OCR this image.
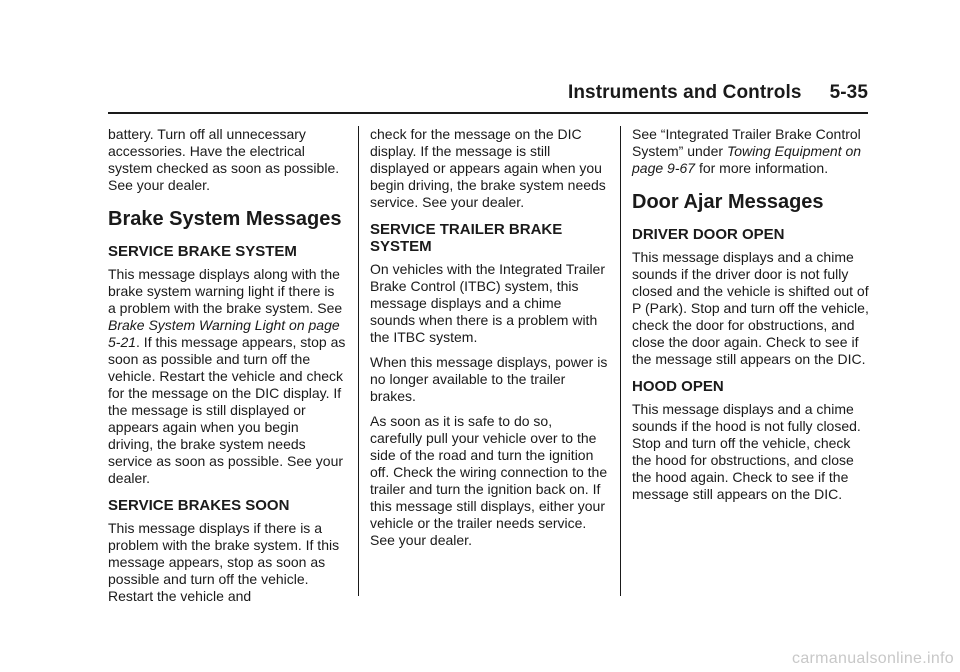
Instruments and Controls 5-35

battery. Turn off all unnecessary accessories. Have the electrical system checked as soon as possible. See your dealer.

Brake System Messages
SERVICE BRAKE SYSTEM

This message displays along with the brake system warning light if there is a problem with the brake system. See Brake System Warning Light on page 5-21. If this message appears, stop as soon as possible and turn off the vehicle. Restart the vehicle and check for the message on the DIC display. If the message is still displayed or appears again when you begin driving, the brake system needs service as soon as possible. See your dealer.

SERVICE BRAKES SOON

This message displays if there is a problem with the brake system. If this message appears, stop as soon as possible and turn off the vehicle. Restart the vehicle and

check for the message on the DIC display. If the message is still displayed or appears again when you begin driving, the brake system needs service. See your dealer.

SERVICE TRAILER BRAKE SYSTEM

On vehicles with the Integrated Trailer Brake Control (ITBC) system, this message displays and a chime sounds when there is a problem with the ITBC system.

When this message displays, power is no longer available to the trailer brakes.

As soon as it is safe to do so, carefully pull your vehicle over to the side of the road and turn the ignition off. Check the wiring connection to the trailer and turn the ignition back on. If this message still displays, either your vehicle or the trailer needs service. See your dealer.

See “Integrated Trailer Brake Control System” under Towing Equipment on page 9-67 for more information.

Door Ajar Messages
DRIVER DOOR OPEN

This message displays and a chime sounds if the driver door is not fully closed and the vehicle is shifted out of P (Park). Stop and turn off the vehicle, check the door for obstructions, and close the door again. Check to see if the message still appears on the DIC.

HOOD OPEN

This message displays and a chime sounds if the hood is not fully closed. Stop and turn off the vehicle, check the hood for obstructions, and close the hood again. Check to see if the message still appears on the DIC.

carmanualsonline.info
